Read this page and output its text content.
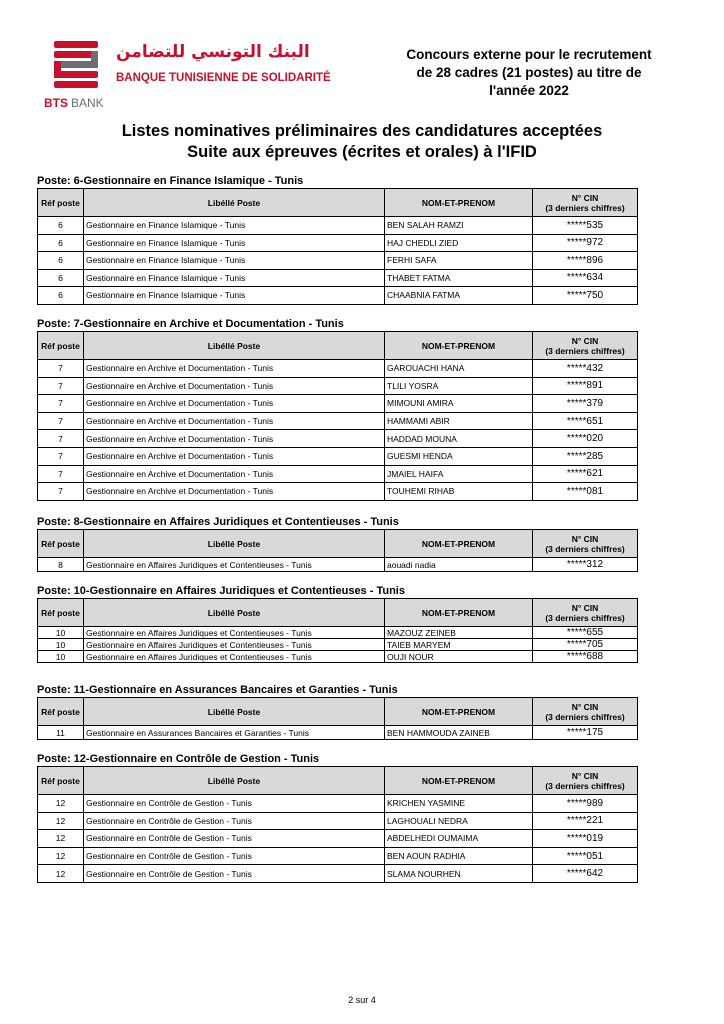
البنك التونسي للتضامن
BANQUE TUNISIENNE DE SOLIDARITÉ
BTS BANK
Concours externe pour le recrutement
de 28 cadres (21 postes) au titre de
l'année 2022
Listes nominatives préliminaires des candidatures acceptées
Suite aux épreuves (écrites et orales) à l'IFID
Poste: 6-Gestionnaire en Finance Islamique - Tunis
Réf poste	Libéllé Poste	NOM-ET-PRENOM	N° CIN
(3 derniers chiffres)

6	Gestionnaire en Finance Islamique - Tunis	BEN SALAH RAMZI	*****535
6	Gestionnaire en Finance Islamique - Tunis	HAJ CHEDLI ZIED	*****972
6	Gestionnaire en Finance Islamique - Tunis	FERHI SAFA	*****896
6	Gestionnaire en Finance Islamique - Tunis	THABET FATMA	*****634
6	Gestionnaire en Finance Islamique - Tunis	CHAABNIA FATMA	*****750
Poste: 7-Gestionnaire en Archive et Documentation - Tunis
Réf poste	Libéllé Poste	NOM-ET-PRENOM	N° CIN
(3 derniers chiffres)

7	Gestionnaire en Archive et Documentation - Tunis	GAROUACHI HANA	*****432
7	Gestionnaire en Archive et Documentation - Tunis	TLILI YOSRA	*****891
7	Gestionnaire en Archive et Documentation - Tunis	MIMOUNI AMIRA	*****379
7	Gestionnaire en Archive et Documentation - Tunis	HAMMAMI ABIR	*****651
7	Gestionnaire en Archive et Documentation - Tunis	HADDAD MOUNA	*****020
7	Gestionnaire en Archive et Documentation - Tunis	GUESMI HENDA	*****285
7	Gestionnaire en Archive et Documentation - Tunis	JMAIEL HAIFA	*****621
7	Gestionnaire en Archive et Documentation - Tunis	TOUHEMI RIHAB	*****081
Poste: 8-Gestionnaire en Affaires Juridiques et Contentieuses - Tunis
Réf poste	Libéllé Poste	NOM-ET-PRENOM	N° CIN
(3 derniers chiffres)

8	Gestionnaire en Affaires Juridiques et Contentieuses - Tunis	aouadi nadia	*****312
Poste: 10-Gestionnaire en Affaires Juridiques et Contentieuses - Tunis
Réf poste	Libéllé Poste	NOM-ET-PRENOM	N° CIN
(3 derniers chiffres)

10	Gestionnaire en Affaires Juridiques et Contentieuses - Tunis	MAZOUZ ZEINEB	*****655
10	Gestionnaire en Affaires Juridiques et Contentieuses - Tunis	TAIEB MARYEM	*****705
10	Gestionnaire en Affaires Juridiques et Contentieuses - Tunis	OUJI NOUR	*****688
Poste: 11-Gestionnaire en Assurances Bancaires et Garanties - Tunis
Réf poste	Libéllé Poste	NOM-ET-PRENOM	N° CIN
(3 derniers chiffres)

11	Gestionnaire en Assurances Bancaires et Garanties - Tunis	BEN HAMMOUDA ZAINEB	*****175
Poste: 12-Gestionnaire en Contrôle de Gestion - Tunis
Réf poste	Libéllé Poste	NOM-ET-PRENOM	N° CIN
(3 derniers chiffres)

12	Gestionnaire en Contrôle de Gestion - Tunis	KRICHEN YASMINE	*****989
12	Gestionnaire en Contrôle de Gestion - Tunis	LAGHOUALI NEDRA	*****221
12	Gestionnaire en Contrôle de Gestion - Tunis	ABDELHEDI OUMAIMA	*****019
12	Gestionnaire en Contrôle de Gestion - Tunis	BEN AOUN RADHIA	*****051
12	Gestionnaire en Contrôle de Gestion - Tunis	SLAMA NOURHEN	*****642
2 sur 4
